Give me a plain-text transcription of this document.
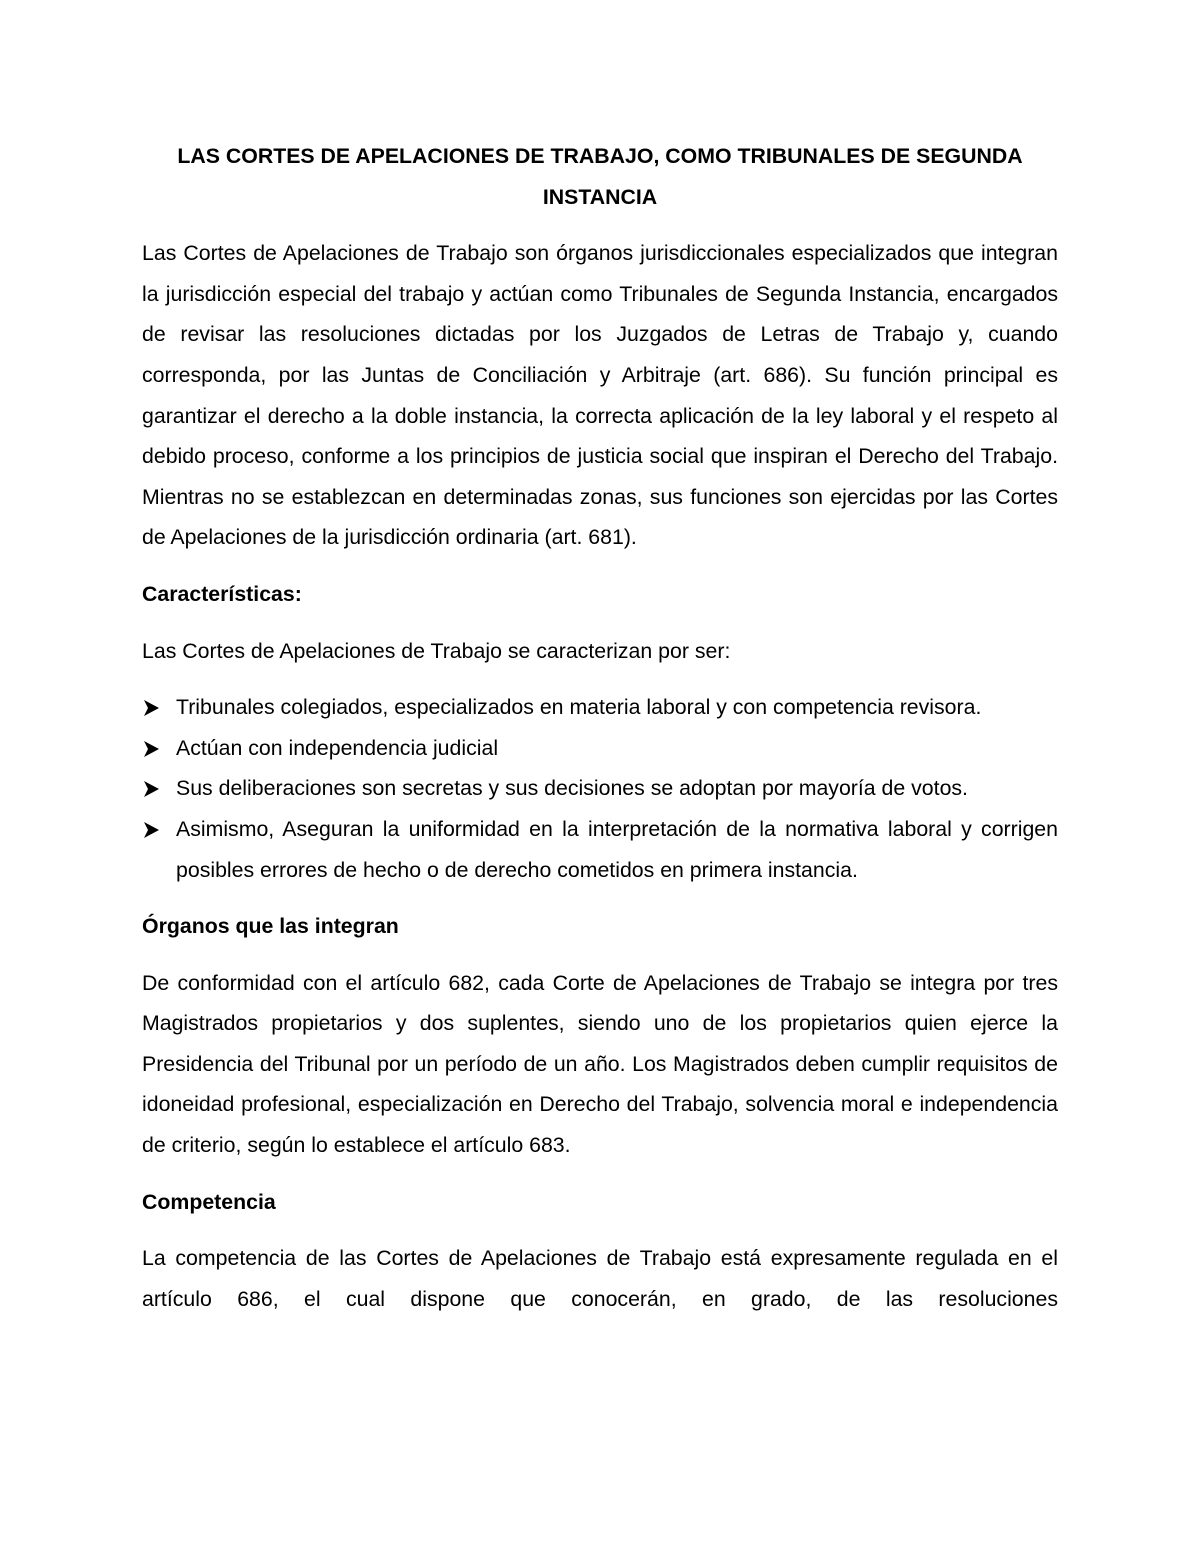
LAS CORTES DE APELACIONES DE TRABAJO, COMO TRIBUNALES DE SEGUNDA INSTANCIA

Las Cortes de Apelaciones de Trabajo son órganos jurisdiccionales especializados que integran la jurisdicción especial del trabajo y actúan como Tribunales de Segunda Instancia, encargados de revisar las resoluciones dictadas por los Juzgados de Letras de Trabajo y, cuando corresponda, por las Juntas de Conciliación y Arbitraje (art. 686). Su función principal es garantizar el derecho a la doble instancia, la correcta aplicación de la ley laboral y el respeto al debido proceso, conforme a los principios de justicia social que inspiran el Derecho del Trabajo. Mientras no se establezcan en determinadas zonas, sus funciones son ejercidas por las Cortes de Apelaciones de la jurisdicción ordinaria (art. 681).

Características:

Las Cortes de Apelaciones de Trabajo se caracterizan por ser:

Tribunales colegiados, especializados en materia laboral y con competencia revisora.
Actúan con independencia judicial
Sus deliberaciones son secretas y sus decisiones se adoptan por mayoría de votos.
Asimismo, Aseguran la uniformidad en la interpretación de la normativa laboral y corrigen posibles errores de hecho o de derecho cometidos en primera instancia.

Órganos que las integran

De conformidad con el artículo 682, cada Corte de Apelaciones de Trabajo se integra por tres Magistrados propietarios y dos suplentes, siendo uno de los propietarios quien ejerce la Presidencia del Tribunal por un período de un año. Los Magistrados deben cumplir requisitos de idoneidad profesional, especialización en Derecho del Trabajo, solvencia moral e independencia de criterio, según lo establece el artículo 683.

Competencia

La competencia de las Cortes de Apelaciones de Trabajo está expresamente regulada en el artículo 686, el cual dispone que conocerán, en grado, de las resoluciones
